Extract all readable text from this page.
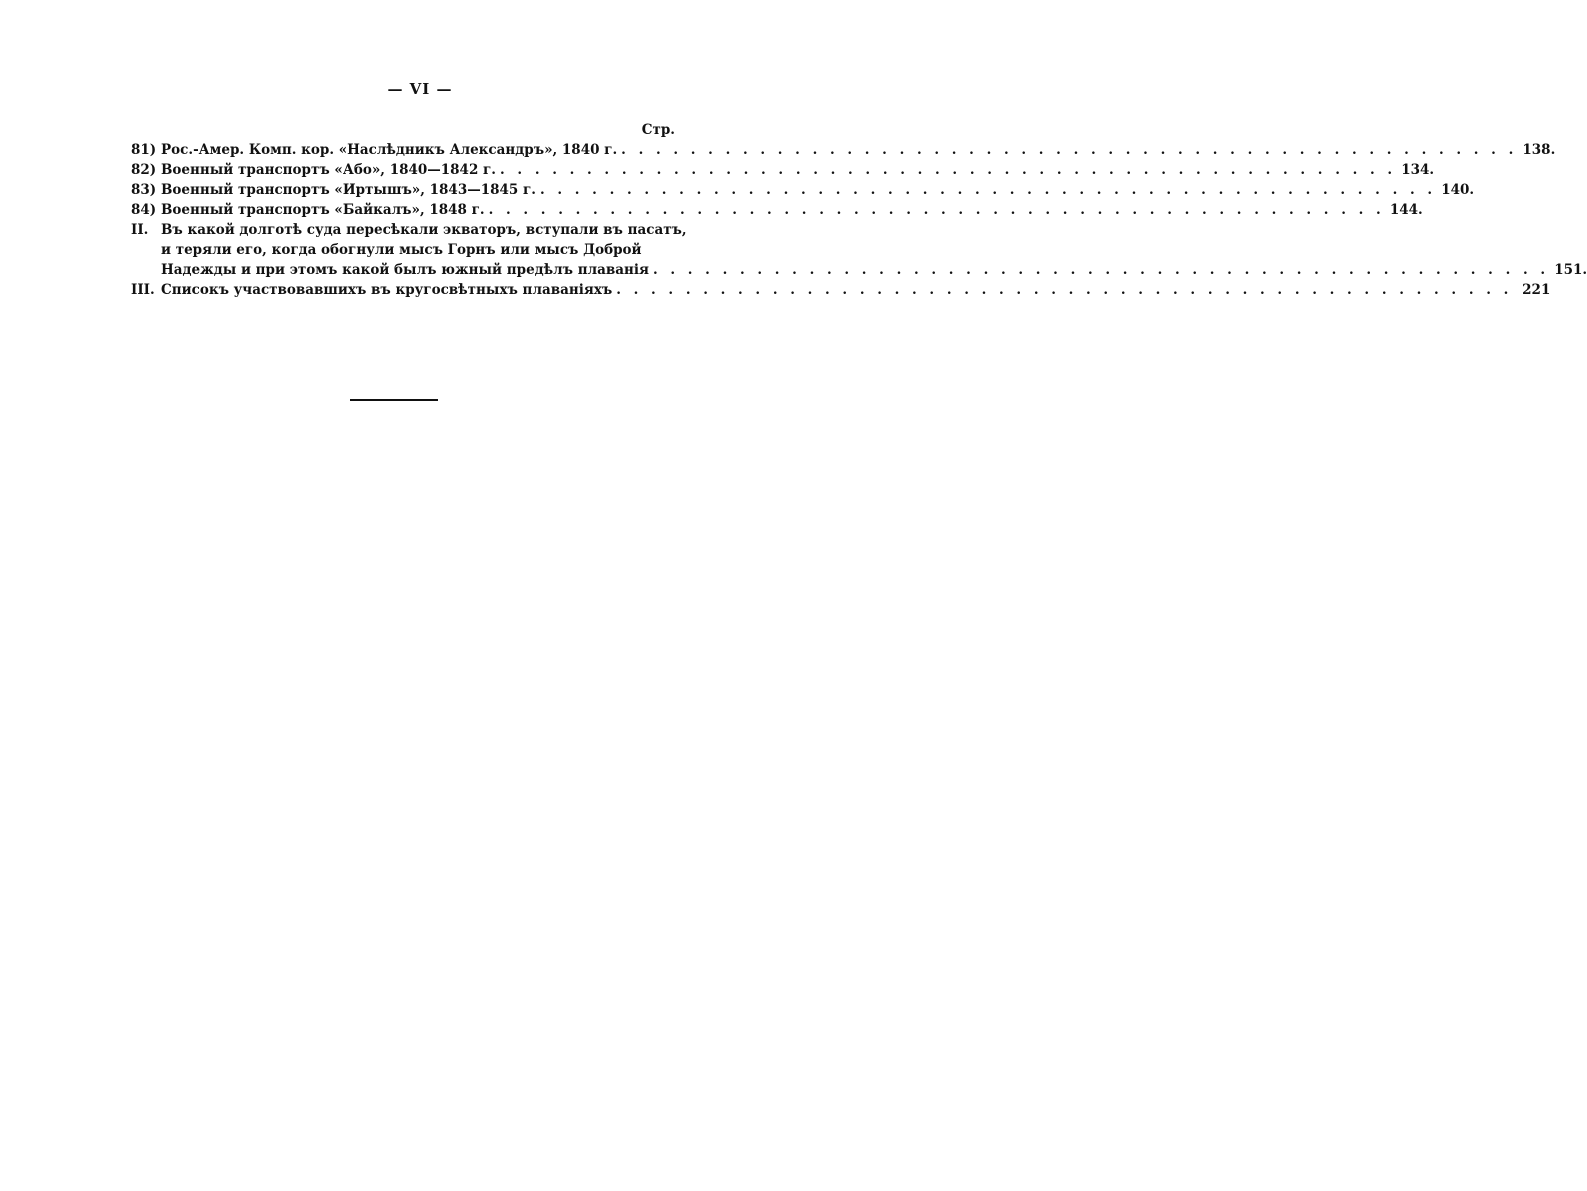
— VI —
Стр.
81) Рос.-Амер. Комп. кор. «Наслѣдникъ Александръ», 1840 г. . . .	138.
82) Военный транспортъ «Або», 1840—1842 г. . . .	134.
83) Военный транспортъ «Иртышъ», 1843—1845 г. . . .	140.
84) Военный транспортъ «Байкалъ», 1848 г. . . .	144.
II. Въ какой долготѣ суда пересѣкали экваторъ, вступали въ пасатъ,
и теряли его, когда обогнули мысъ Горнъ или мысъ Доброй
Надежды и при этомъ какой былъ южный предѣлъ плаванія . . .	151.
III. Списокъ участвовавшихъ въ кругосвѣтныхъ плаваніяхъ . . .	221
